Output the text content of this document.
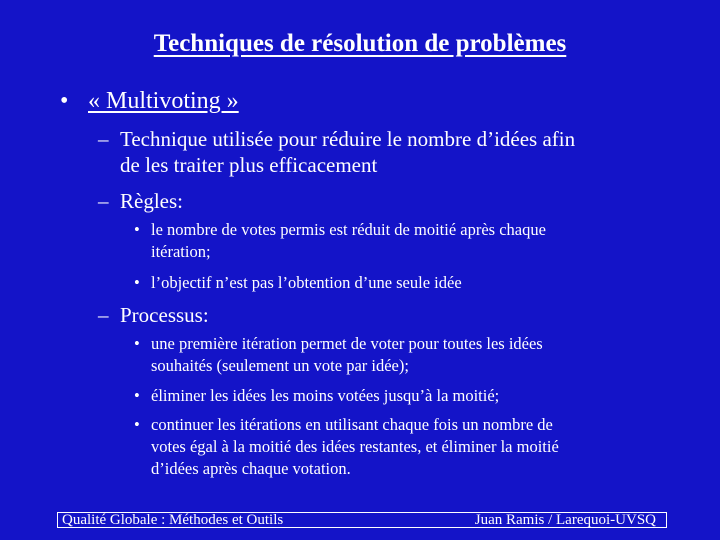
Techniques de résolution de problèmes
• « Multivoting »
– Technique utilisée pour réduire le nombre d’idées afin
de les traiter plus efficacement
– Règles:
• le nombre de votes permis est réduit de moitié après chaque
itération;
• l’objectif n’est pas l’obtention d’une seule idée
– Processus:
• une première itération permet de voter pour toutes les idées
souhaités (seulement un vote par idée);
• éliminer les idées les moins votées jusqu’à la moitié;
• continuer les itérations en utilisant chaque fois un nombre de
votes égal à la moitié des idées restantes, et éliminer la moitié
d’idées après chaque votation.
Qualité Globale : Méthodes et Outils	Juan Ramis / Larequoi-UVSQ
